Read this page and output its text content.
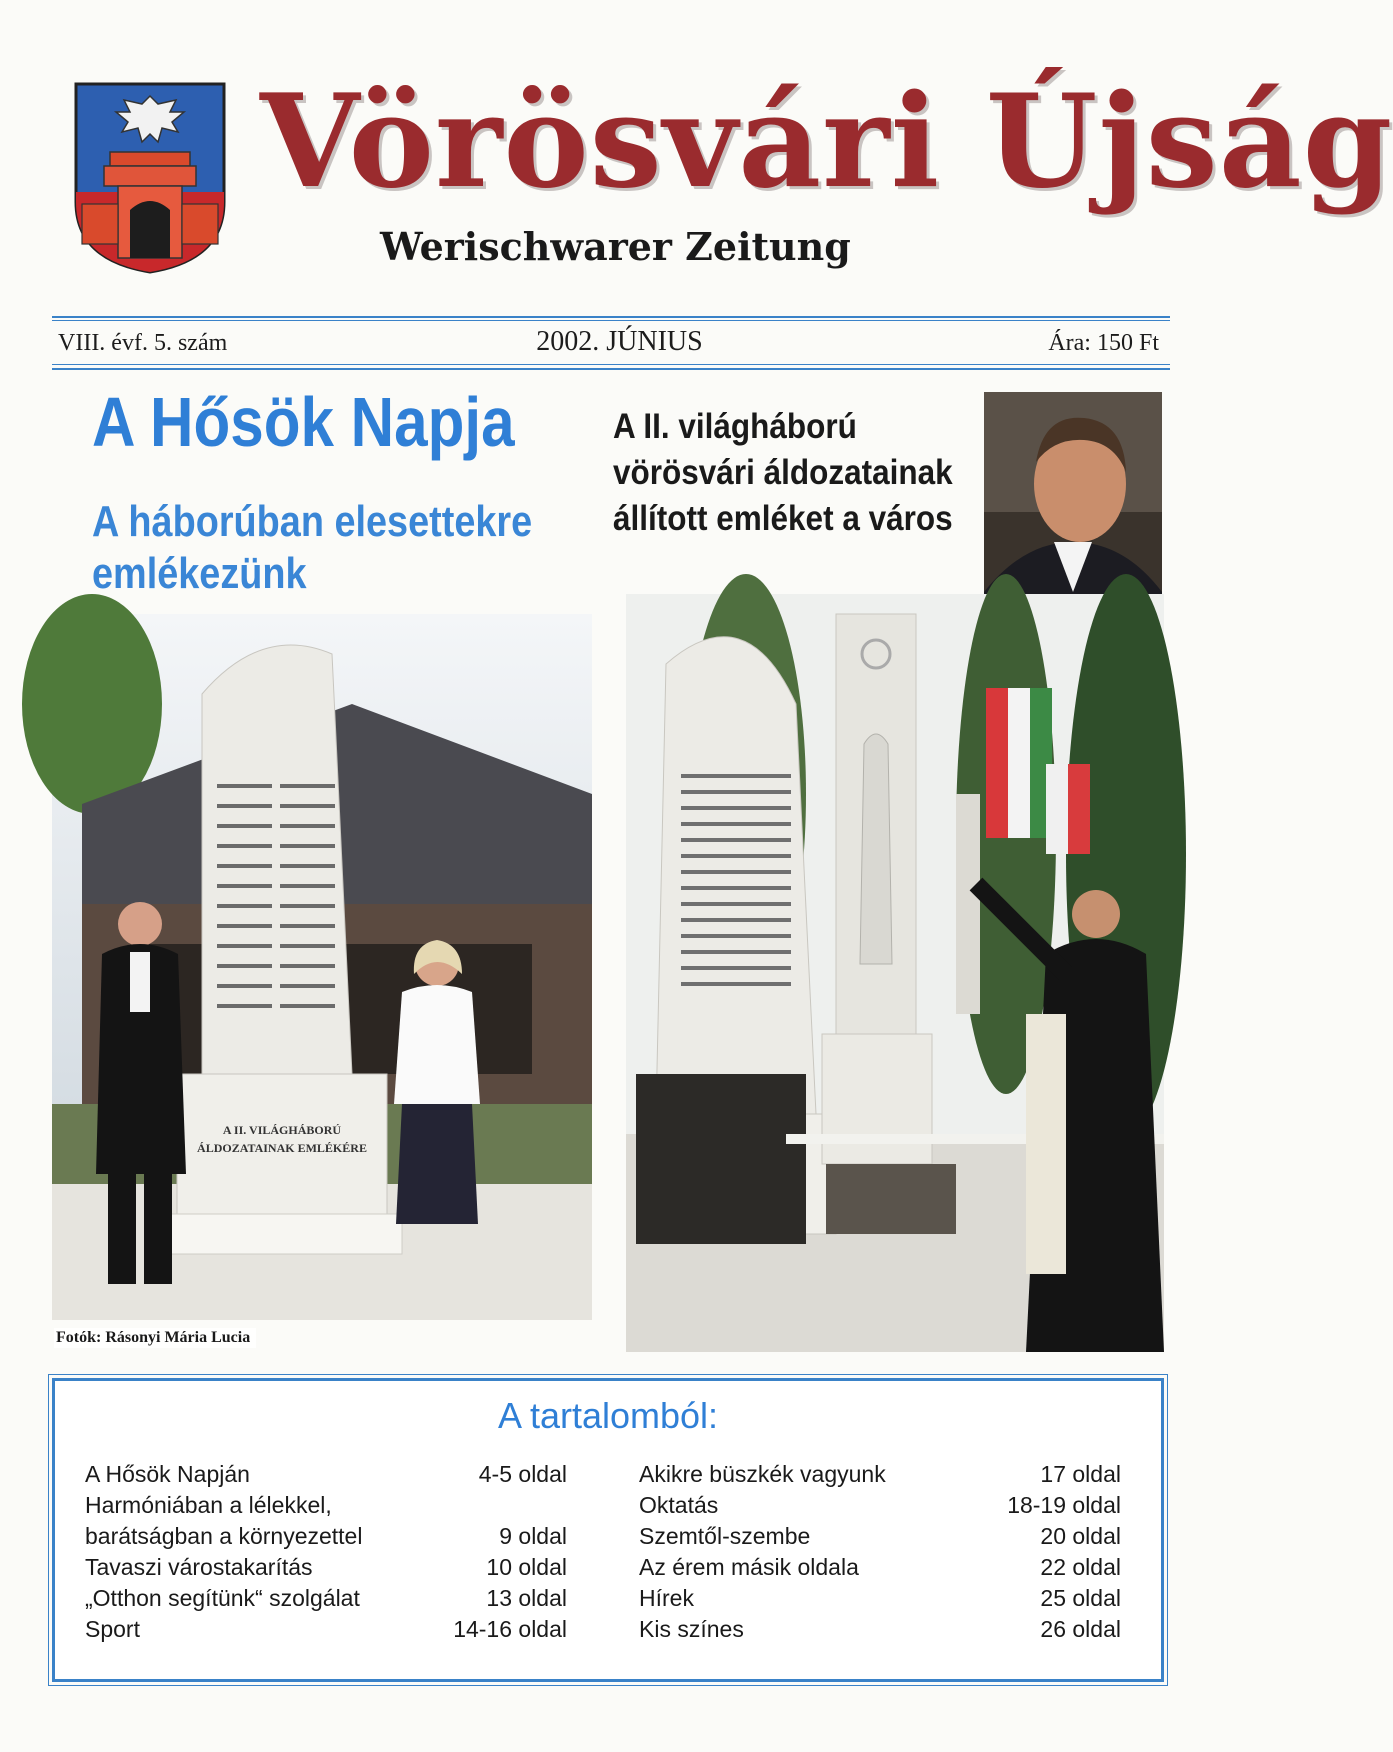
Vörösvári Újság
Werischwarer Zeitung
VIII. évf. 5. szám	2002. JÚNIUS	Ára: 150 Ft
A Hősök Napja
A háborúban elesettekre emlékezünk
A II. világháború vörösvári áldozatainak állított emléket a város
A II. VILÁGHÁBORÚ
ÁLDOZATAINAK EMLÉKÉRE
Fotók: Rásonyi Mária Lucia
A tartalomból:
A Hősök Napján	4-5 oldal
Harmóniában a lélekkel,
barátságban a környezettel	9 oldal
Tavaszi várostakarítás	10 oldal
„Otthon segítünk“ szolgálat	13 oldal
Sport	14-16 oldal
Akikre büszkék vagyunk	17 oldal
Oktatás	18-19 oldal
Szemtől-szembe	20 oldal
Az érem másik oldala	22 oldal
Hírek	25 oldal
Kis színes	26 oldal
